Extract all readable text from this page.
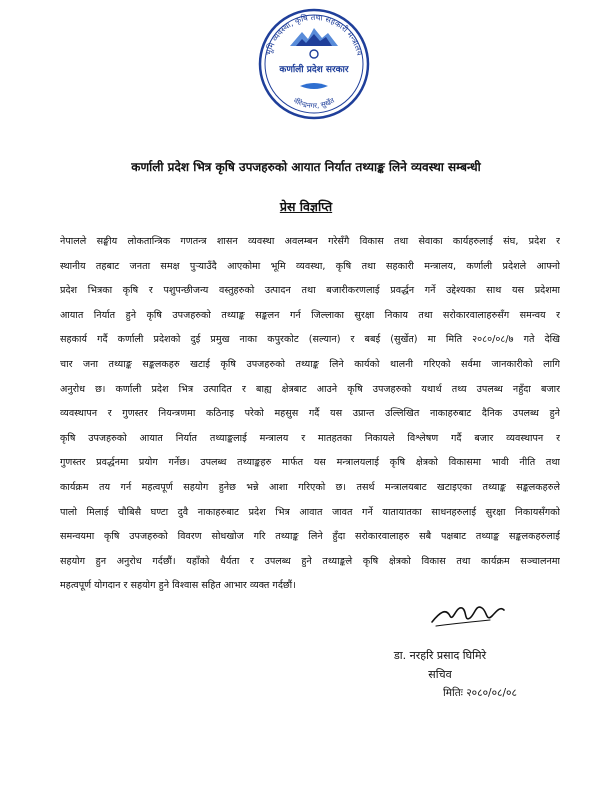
भूमि व्यवस्था, कृषि तथा सहकारी मन्त्रालय
वीरेन्द्रनगर, सुर्खेत
कर्णाली प्रदेश सरकार
कर्णाली प्रदेश भित्र कृषि उपजहरुको आयात निर्यात तथ्याङ्क लिने व्यवस्था सम्बन्धी
प्रेस विज्ञप्ति
नेपालले सङ्घीय लोकतान्त्रिक गणतन्त्र शासन व्यवस्था अवलम्बन गरेसँगै विकास तथा सेवाका कार्यहरुलाई संघ, प्रदेश र
स्थानीय तहबाट जनता समक्ष पुऱ्याउँदै आएकोमा भूमि व्यवस्था, कृषि तथा सहकारी मन्त्रालय, कर्णाली प्रदेशले आफ्नो
प्रदेश भित्रका कृषि र पशुपन्छीजन्य वस्तुहरुको उत्पादन तथा बजारीकरणलाई प्रवर्द्धन गर्ने उद्देश्यका साथ यस प्रदेशमा
आयात निर्यात हुने कृषि उपजहरुको तथ्याङ्क सङ्कलन गर्न जिल्लाका सुरक्षा निकाय तथा सरोकारवालाहरुसँग समन्वय र
सहकार्य गर्दै कर्णाली प्रदेशको दुई प्रमुख नाका कपुरकोट (सल्यान) र बबई (सुर्खेत) मा मिति २०८०/०८/७ गते देखि
चार जना तथ्याङ्क सङ्कलकहरु खटाई कृषि उपजहरुको तथ्याङ्क लिने कार्यको थालनी गरिएको सर्वमा जानकारीको लागि
अनुरोध छ। कर्णाली प्रदेश भित्र उत्पादित र बाह्य क्षेत्रबाट आउने कृषि उपजहरुको यथार्थ तथ्य उपलब्ध नहुँदा बजार
व्यवस्थापन र गुणस्तर नियन्त्रणमा कठिनाइ परेको महसुस गर्दै यस उप्रान्त उल्लिखित नाकाहरुबाट दैनिक उपलब्ध हुने
कृषि उपजहरुको आयात निर्यात तथ्याङ्कलाई मन्त्रालय र मातहतका निकायले विश्लेषण गर्दै बजार व्यवस्थापन र
गुणस्तर प्रवर्द्धनमा प्रयोग गर्नेछ। उपलब्ध तथ्याङ्कहरु मार्फत यस मन्त्रालयलाई कृषि क्षेत्रको विकासमा भावी नीति तथा
कार्यक्रम तय गर्न महत्वपूर्ण सहयोग हुनेछ भन्ने आशा गरिएको छ। तसर्थ मन्त्रालयबाट खटाइएका तथ्याङ्क सङ्कलकहरुले
पालो मिलाई चौबिसै घण्टा दुवै नाकाहरुबाट प्रदेश भित्र आवात जावत गर्ने यातायातका साधनहरुलाई सुरक्षा निकायसँगको
समन्वयमा कृषि उपजहरुको विवरण सोधखोज गरि तथ्याङ्क लिने हुँदा सरोकारवालाहरु सबै पक्षबाट तथ्याङ्क सङ्कलकहरुलाई
सहयोग हुन अनुरोध गर्दछौं। यहाँको धैर्यता र उपलब्ध हुने तथ्याङ्कले कृषि क्षेत्रको विकास तथा कार्यक्रम सञ्चालनमा
महत्वपूर्ण योगदान र सहयोग हुने विश्वास सहित आभार व्यक्त गर्दछौं।
डा. नरहरि प्रसाद घिमिरे
सचिव
मितिः २०८०/०८/०८
